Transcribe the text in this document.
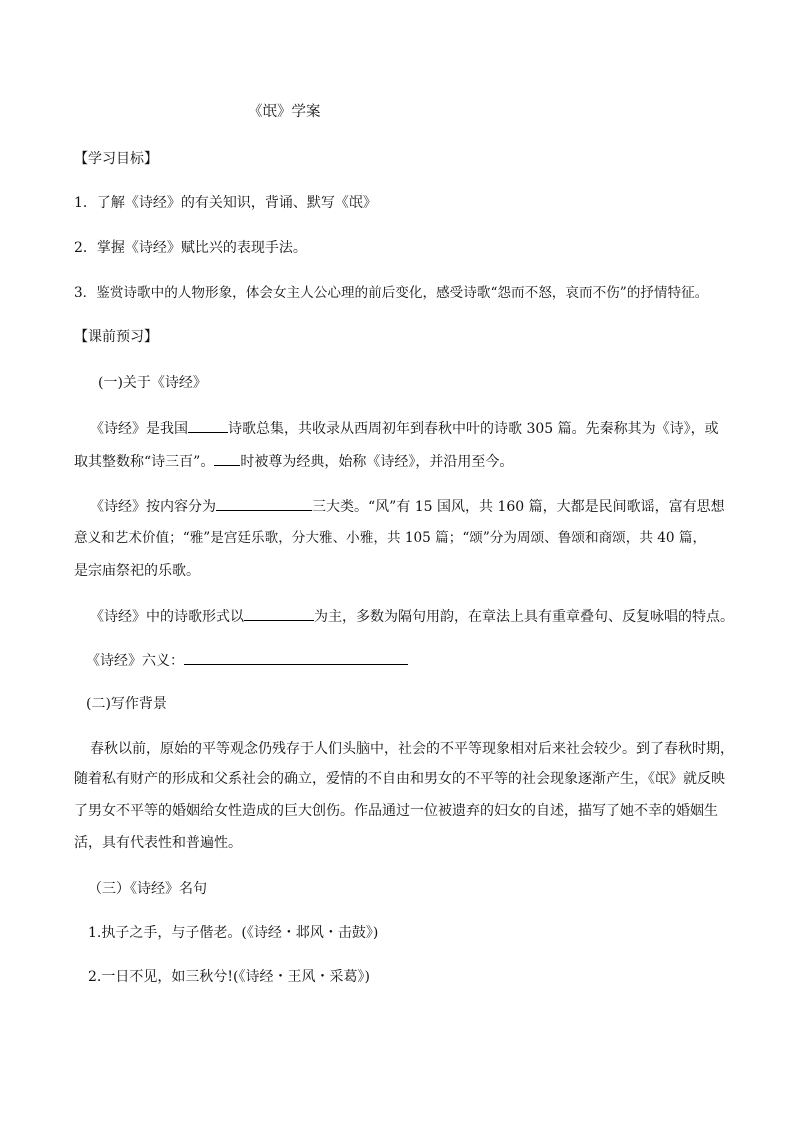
《氓》学案
【学习目标】
1．了解《诗经》的有关知识，背诵、默写《氓》
2．掌握《诗经》赋比兴的表现手法。
3．鉴赏诗歌中的人物形象，体会女主人公心理的前后变化，感受诗歌“怨而不怒，哀而不伤”的抒情特征。
【课前预习】
(一)关于《诗经》
《诗经》是我国	诗歌总集，共收录从西周初年到春秋中叶的诗歌 305 篇。先秦称其为《诗》，或
取其整数称“诗三百”。 时被尊为经典，始称《诗经》，并沿用至今。
《诗经》按内容分为	三大类。“风”有 15 国风，共 160 篇，大都是民间歌谣，富有思想
意义和艺术价值；“雅”是宫廷乐歌，分大雅、小雅，共 105 篇；“颂”分为周颂、鲁颂和商颂，共 40 篇，
是宗庙祭祀的乐歌。
《诗经》中的诗歌形式以	为主，多数为隔句用韵，在章法上具有重章叠句、反复咏唱的特点。
《诗经》六义：
(二)写作背景
春秋以前，原始的平等观念仍残存于人们头脑中，社会的不平等现象相对后来社会较少。到了春秋时期，
随着私有财产的形成和父系社会的确立，爱情的不自由和男女的不平等的社会现象逐渐产生，《氓》就反映
了男女不平等的婚姻给女性造成的巨大创伤。作品通过一位被遗弃的妇女的自述，描写了她不幸的婚姻生
活，具有代表性和普遍性。
（三）《诗经》名句
1.执子之手，与子偕老。(《诗经・邶风・击鼓》)
2.一日不见，如三秋兮!(《诗经・王风・采葛》)
